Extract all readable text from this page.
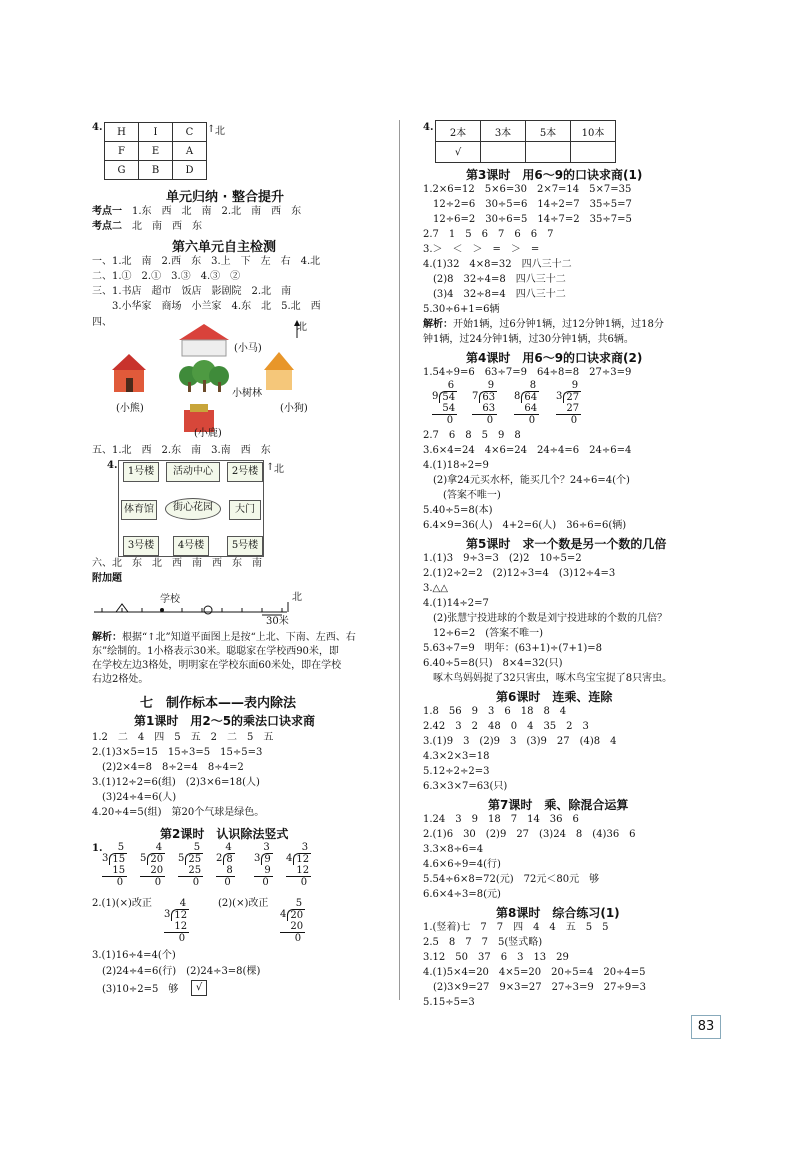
4. H	I	C
F	E	A
G	B	D
↑ 北
单元归纳 · 整合提升
考点一　 1.东　西　北　南　2.北　南　西　东
考点二　 北　南　西　东
第六单元自主检测
一、1.北　南　2.西　东　3.上　下　左　右　4.北
二、1.①　2.①　3.③　4.③　②
三、1.书店　超市　饭店　影剧院　2.北　南
　　3.小华家　商场　小兰家　4.东　北　5.北　西
四、	北
(小马)
小树林
(小熊)	(小狗)
(小鹿)
五、1.北　西　2.东　南　3.南　西　东
4.
1号楼	活动中心	2号楼 ↑ 北
体育馆	街心花园	大门
3号楼	4号楼	5号楼
六、北　东　北　西　南　西　东　南
附加题
学校	北
30米
解析：根据“↑北”知道平面图上是按“上北、下南、左西、右
东”绘制的。1小格表示30米。聪聪家在学校西90米，即
在学校左边3格处，明明家在学校东面60米处，即在学校
右边2格处。
七　制作标本——表内除法
第1课时　用2～5的乘法口诀求商
1.2　二　4　四　5　五　2　二　5　五
2.(1)3×5=15　15÷3=5　15÷5=3
　(2)2×4=8　8÷2=4　8÷4=2
3.(1)12÷2=6(组)　(2)3×6=18(人)
　(3)24÷4=6(人)
4.20÷4=5(组)　第20个气球是绿色。
第2课时　认识除法竖式
1.	5
3 15
15
0
4
5 20
20
0
5
5 25
25
0
4
2 8
8
0
3
3 9
9
0
3
4 12
12
0
2.(1)(×)改正	(2)(×)改正
4
3 12
12
0
5
4 20
20
0
3.(1)16÷4=4(个)
　(2)24÷4=6(行)　(2)24÷3=8(棵)
　(3)10÷2=5　够	√
4. 2本	3本	5本	10本
√			
第3课时　用6～9的口诀求商(1)
1.2×6=12　5×6=30　2×7=14　5×7=35
　12÷2=6　30÷5=6　14÷2=7　35÷5=7
　12÷6=2　30÷6=5　14÷7=2　35÷7=5
2.7　1　5　6　7　6　6　7
3.＞　＜　＞　=　＞　=
4.(1)32　4×8=32　四八三十二
　(2)8　32÷4=8　四八三十二
　(3)4　32÷8=4　四八三十二
5.30÷6+1=6辆
解析：开始1辆，过6分钟1辆，过12分钟1辆，过18分
钟1辆，过24分钟1辆，过30分钟1辆，共6辆。
第4课时　用6～9的口诀求商(2)
1.54÷9=6　63÷7=9　64÷8=8　27÷3=9
6
9 54
54
0
9
7 63
63
0
8
8 64
64
0
9
3 27
27
0
2.7　6　8　5　9　8
3.6×4=24　4×6=24　24÷4=6　24÷6=4
4.(1)18÷2=9
　(2)拿24元买水杯，能买几个？24÷6=4(个)
　　(答案不唯一)
5.40÷5=8(本)
6.4×9=36(人)　4+2=6(人)　36÷6=6(辆)
第5课时　求一个数是另一个数的几倍
1.(1)3　9÷3=3　(2)2　10÷5=2
2.(1)2÷2=2　(2)12÷3=4　(3)12÷4=3
3.△△
4.(1)14÷2=7
　(2)张慧宁投进球的个数是刘宁投进球的个数的几倍？
　12÷6=2　(答案不唯一)
5.63÷7=9　明年：(63+1)÷(7+1)=8
6.40÷5=8(只)　8×4=32(只)
　啄木鸟妈妈捉了32只害虫，啄木鸟宝宝捉了8只害虫。
第6课时　连乘、连除
1.8　56　9　3　6　18　8　4
2.42　3　2　48　0　4　35　2　3
3.(1)9　3　(2)9　3　(3)9　27　(4)8　4
4.3×2×3=18
5.12÷2÷2=3
6.3×3×7=63(只)
第7课时　乘、除混合运算
1.24　3　9　18　7　14　36　6
2.(1)6　30　(2)9　27　(3)24　8　(4)36　6
3.3×8÷6=4
4.6×6÷9=4(行)
5.54÷6×8=72(元)　72元＜80元　够
6.6×4÷3=8(元)
第8课时　综合练习(1)
1.(竖着)七　7　7　四　4　4　五　5　5
2.5　8　7　7　5(竖式略)
3.12　50　37　6　3　13　29
4.(1)5×4=20　4×5=20　20÷5=4　20÷4=5
　(2)3×9=27　9×3=27　27÷3=9　27÷9=3
5.15÷5=3
83
